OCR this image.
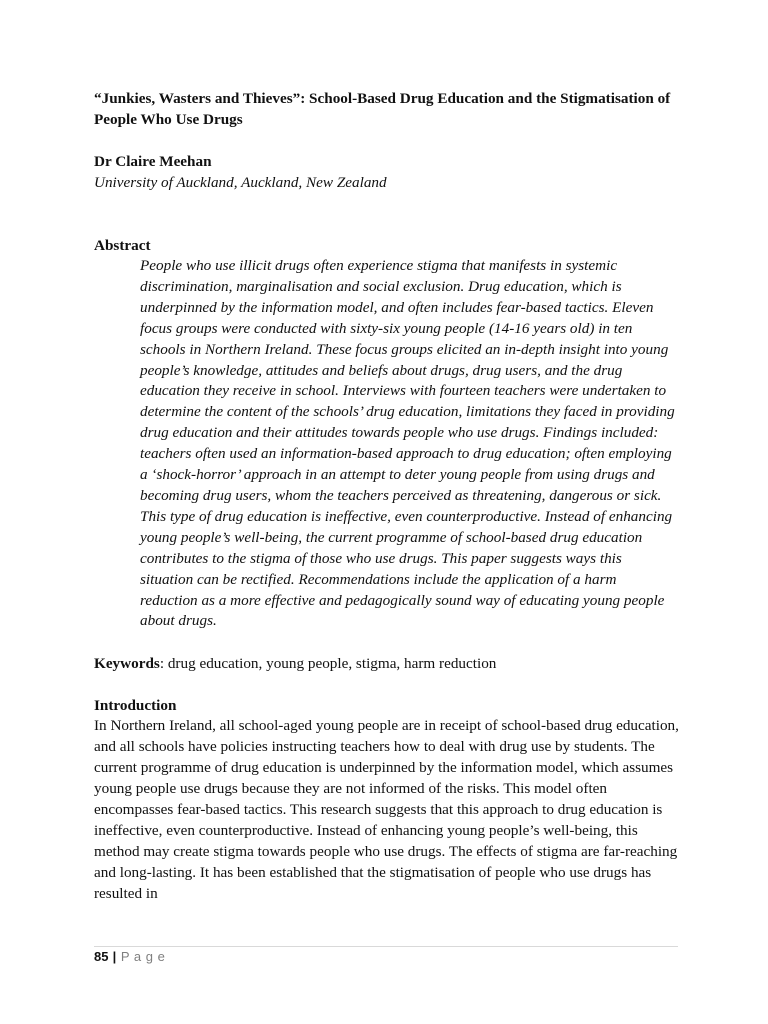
“Junkies, Wasters and Thieves”: School-Based Drug Education and the Stigmatisation of People Who Use Drugs

Dr Claire Meehan

University of Auckland, Auckland, New Zealand

Abstract

People who use illicit drugs often experience stigma that manifests in systemic discrimination, marginalisation and social exclusion. Drug education, which is underpinned by the information model, and often includes fear-based tactics. Eleven focus groups were conducted with sixty-six young people (14-16 years old) in ten schools in Northern Ireland. These focus groups elicited an in-depth insight into young people’s knowledge, attitudes and beliefs about drugs, drug users, and the drug education they receive in school. Interviews with fourteen teachers were undertaken to determine the content of the schools’ drug education, limitations they faced in providing drug education and their attitudes towards people who use drugs. Findings included: teachers often used an information-based approach to drug education; often employing a ‘shock-horror’ approach in an attempt to deter young people from using drugs and becoming drug users, whom the teachers perceived as threatening, dangerous or sick. This type of drug education is ineffective, even counterproductive. Instead of enhancing young people’s well-being, the current programme of school-based drug education contributes to the stigma of those who use drugs. This paper suggests ways this situation can be rectified. Recommendations include the application of a harm reduction as a more effective and pedagogically sound way of educating young people about drugs.

Keywords: drug education, young people, stigma, harm reduction

Introduction

In Northern Ireland, all school-aged young people are in receipt of school-based drug education, and all schools have policies instructing teachers how to deal with drug use by students. The current programme of drug education is underpinned by the information model, which assumes young people use drugs because they are not informed of the risks. This model often encompasses fear-based tactics. This research suggests that this approach to drug education is ineffective, even counterproductive. Instead of enhancing young people’s well-being, this method may create stigma towards people who use drugs. The effects of stigma are far-reaching and long-lasting. It has been established that the stigmatisation of people who use drugs has resulted in

85 | P a g e
